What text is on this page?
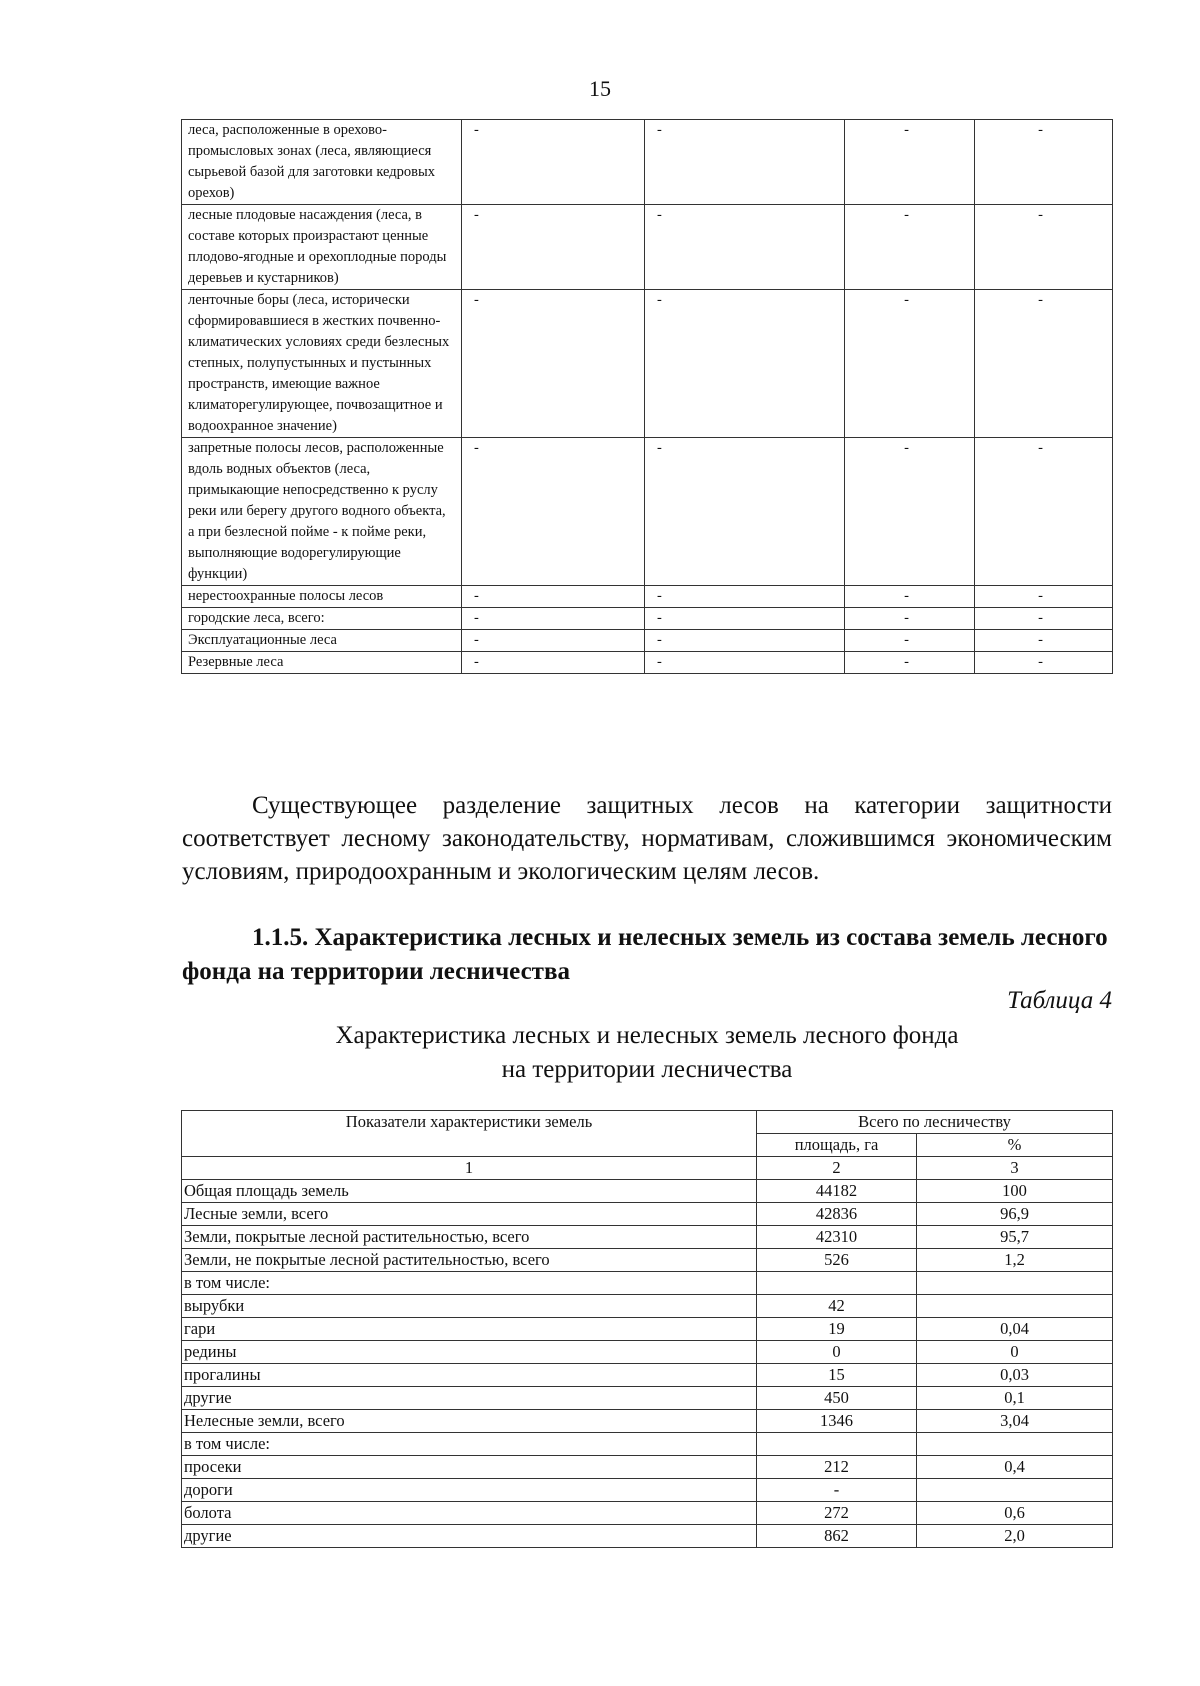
15
леса, расположенные в орехово-промысловых зонах (леса, являющиеся сырьевой базой для заготовки кедровых орехов)	-	-	-	-
лесные плодовые насаждения (леса, в составе которых произрастают ценные плодово-ягодные и орехоплодные породы деревьев и кустарников)	-	-	-	-
ленточные боры (леса, исторически сформировавшиеся в жестких почвенно-климатических условиях среди безлесных степных, полупустынных и пустынных пространств, имеющие важное климаторегулирующее, почвозащитное и водоохранное значение)	-	-	-	-
запретные полосы лесов, расположенные вдоль водных объектов (леса, примыкающие непосредственно к руслу реки или берегу другого водного объекта, а при безлесной пойме - к пойме реки, выполняющие водорегулирующие функции)	-	-	-	-
нерестоохранные полосы лесов	-	-	-	-
городские леса, всего:	-	-	-	-
Эксплуатационные леса	-	-	-	-
Резервные леса	-	-	-	-

Существующее разделение защитных лесов на категории защитности соответствует лесному законодательству, нормативам, сложившимся экономическим условиям, природоохранным и экологическим целям лесов.

1.1.5. Характеристика лесных и нелесных земель из состава земель лесного фонда на территории лесничества

Таблица 4

Характеристика лесных и нелесных земель лесного фонда
на территории лесничества
Показатели характеристики земель	Всего по лесничеству	
	площадь, га	%
1	2	3
Общая площадь земель	44182	100
Лесные земли, всего	42836	96,9
Земли, покрытые лесной растительностью, всего	42310	95,7
Земли, не покрытые лесной растительностью, всего	526	1,2
в том числе:		
вырубки	42	
гари	19	0,04
редины	0	0
прогалины	15	0,03
другие	450	0,1
Нелесные земли, всего	1346	3,04
в том числе:		
просеки	212	0,4
дороги	-	
болота	272	0,6
другие	862	2,0
